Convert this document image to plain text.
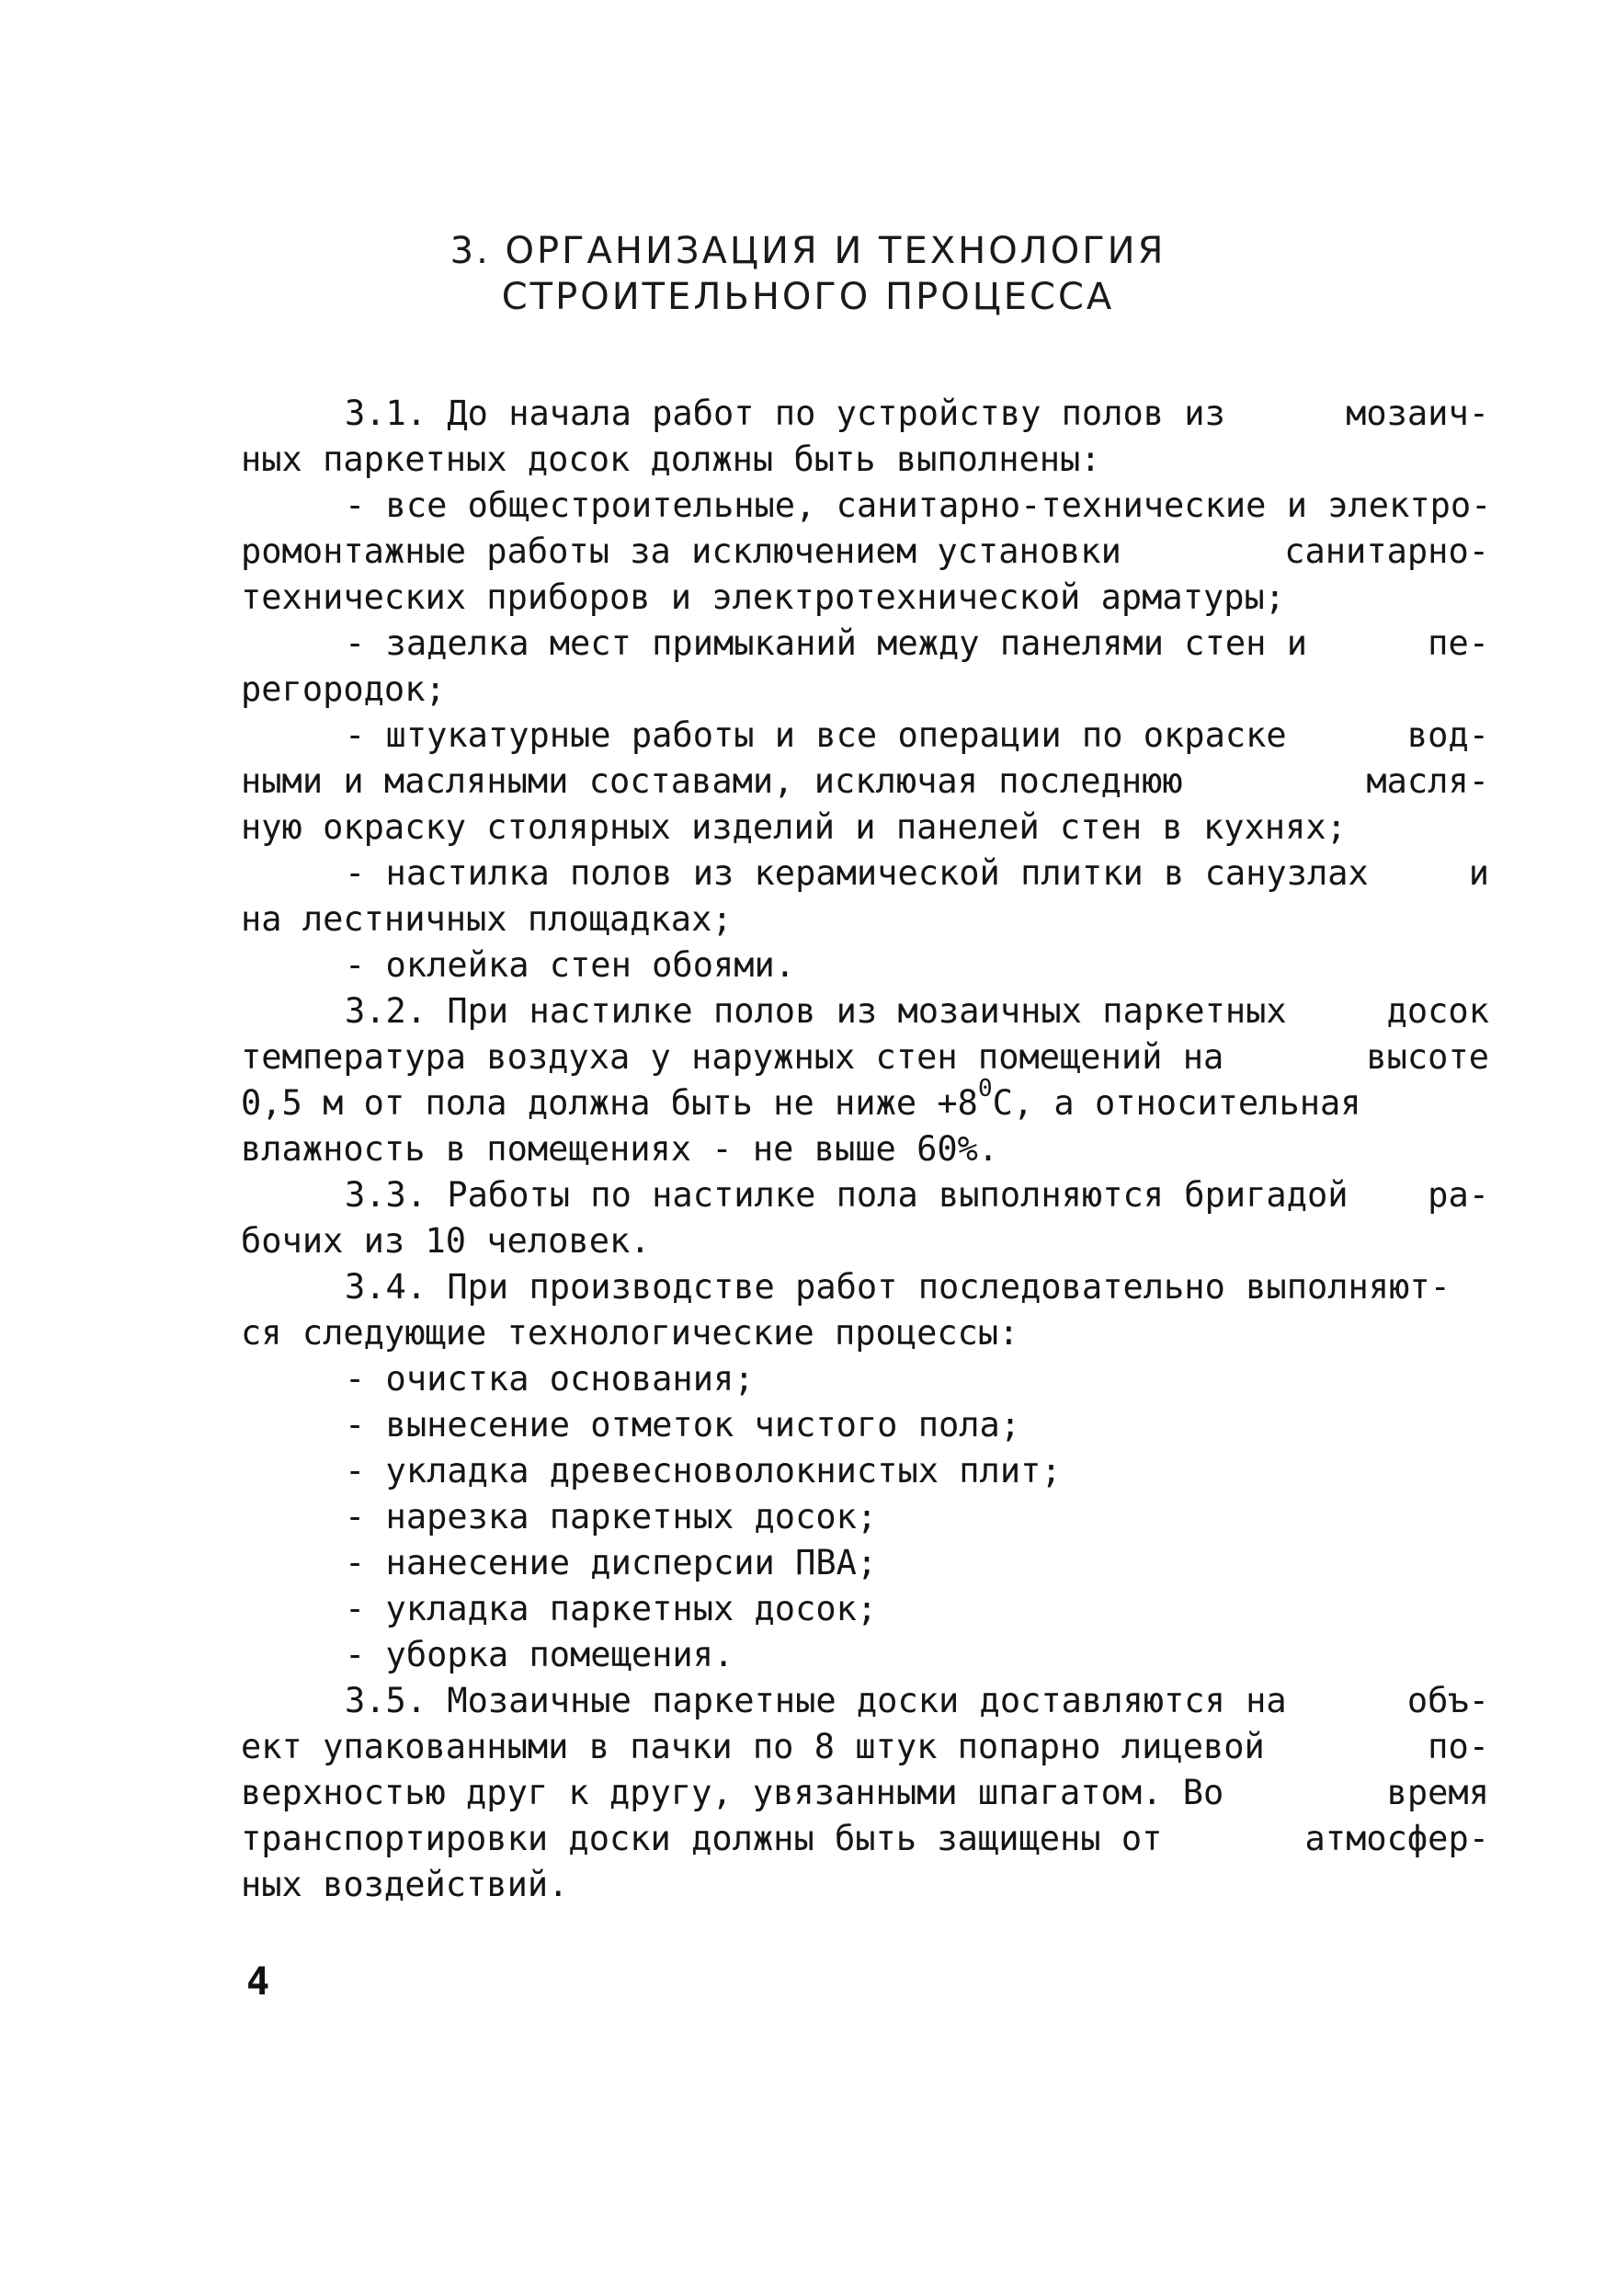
3. ОРГАНИЗАЦИЯ И ТЕХНОЛОГИЯ
СТРОИТЕЛЬНОГО ПРОЦЕССА
3.1. До начала работ по устройству полов из	мозаич-
ных паркетных досок должны быть выполнены:
- все общестроительные, санитарно-технические и электро-
ромонтажные работы за исключением установки	санитарно-
технических приборов и электротехнической арматуры;
- заделка мест примыканий между панелями стен и	пе-
регородок;
- штукатурные работы и все операции по окраске	вод-
ными и масляными составами, исключая последнюю	масля-
ную окраску столярных изделий и панелей стен в кухнях;
- настилка полов из керамической плитки в санузлах	и
на лестничных площадках;
- оклейка стен обоями.
3.2. При настилке полов из мозаичных паркетных	досок
температура воздуха у наружных стен помещений на	высоте
0,5 м от пола должна быть не ниже $+8^0С$, а относительная
влажность в помещениях - не выше 60%.
3.3. Работы по настилке пола выполняются бригадой ра-
бочих из 10 человек.
3.4. При производстве работ последовательно выполняют-
ся следующие технологические процессы:
- очистка основания;
- вынесение отметок чистого пола;
- укладка древесноволокнистых плит;
- нарезка паркетных досок;
- нанесение дисперсии ПВА;
- укладка паркетных досок;
- уборка помещения.
3.5. Мозаичные паркетные доски доставляются на	объ-
ект упакованными в пачки по 8 штук попарно лицевой	по-
верхностью друг к другу, увязанными шпагатом. Во	время
транспортировки доски должны быть защищены от	атмосфер-
ных воздействий.
4
